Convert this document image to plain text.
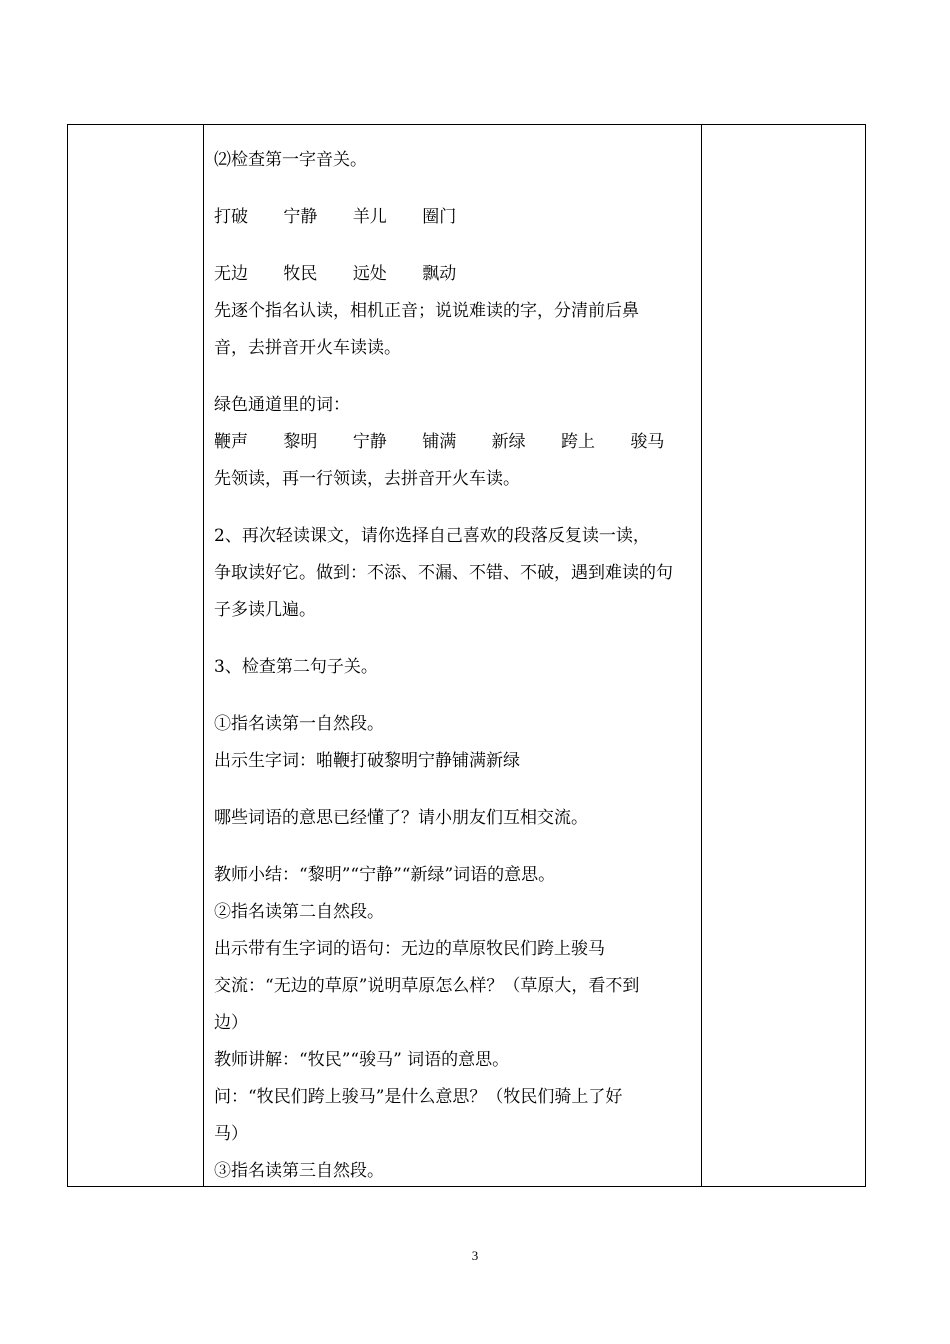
⑵检查第一字音关。
打破 宁静 羊儿 圈门
无边 牧民 远处 飘动
先逐个指名认读，相机正音；说说难读的字，分清前后鼻
音，去拼音开火车读读。
绿色通道里的词：
鞭声 黎明 宁静 铺满 新绿 跨上 骏马
先领读，再一行领读，去拼音开火车读。
2、再次轻读课文，请你选择自己喜欢的段落反复读一读，
争取读好它。做到：不添、不漏、不错、不破，遇到难读的句
子多读几遍。
3、检查第二句子关。
①指名读第一自然段。
出示生字词：啪鞭打破黎明宁静铺满新绿
哪些词语的意思已经懂了？请小朋友们互相交流。
教师小结：“黎明”“宁静”“新绿”词语的意思。
②指名读第二自然段。
出示带有生字词的语句：无边的草原牧民们跨上骏马
交流：“无边的草原”说明草原怎么样？（草原大，看不到
边）
教师讲解：“牧民”“骏马” 词语的意思。
问：“牧民们跨上骏马”是什么意思？（牧民们骑上了好
马）
③指名读第三自然段。
3
